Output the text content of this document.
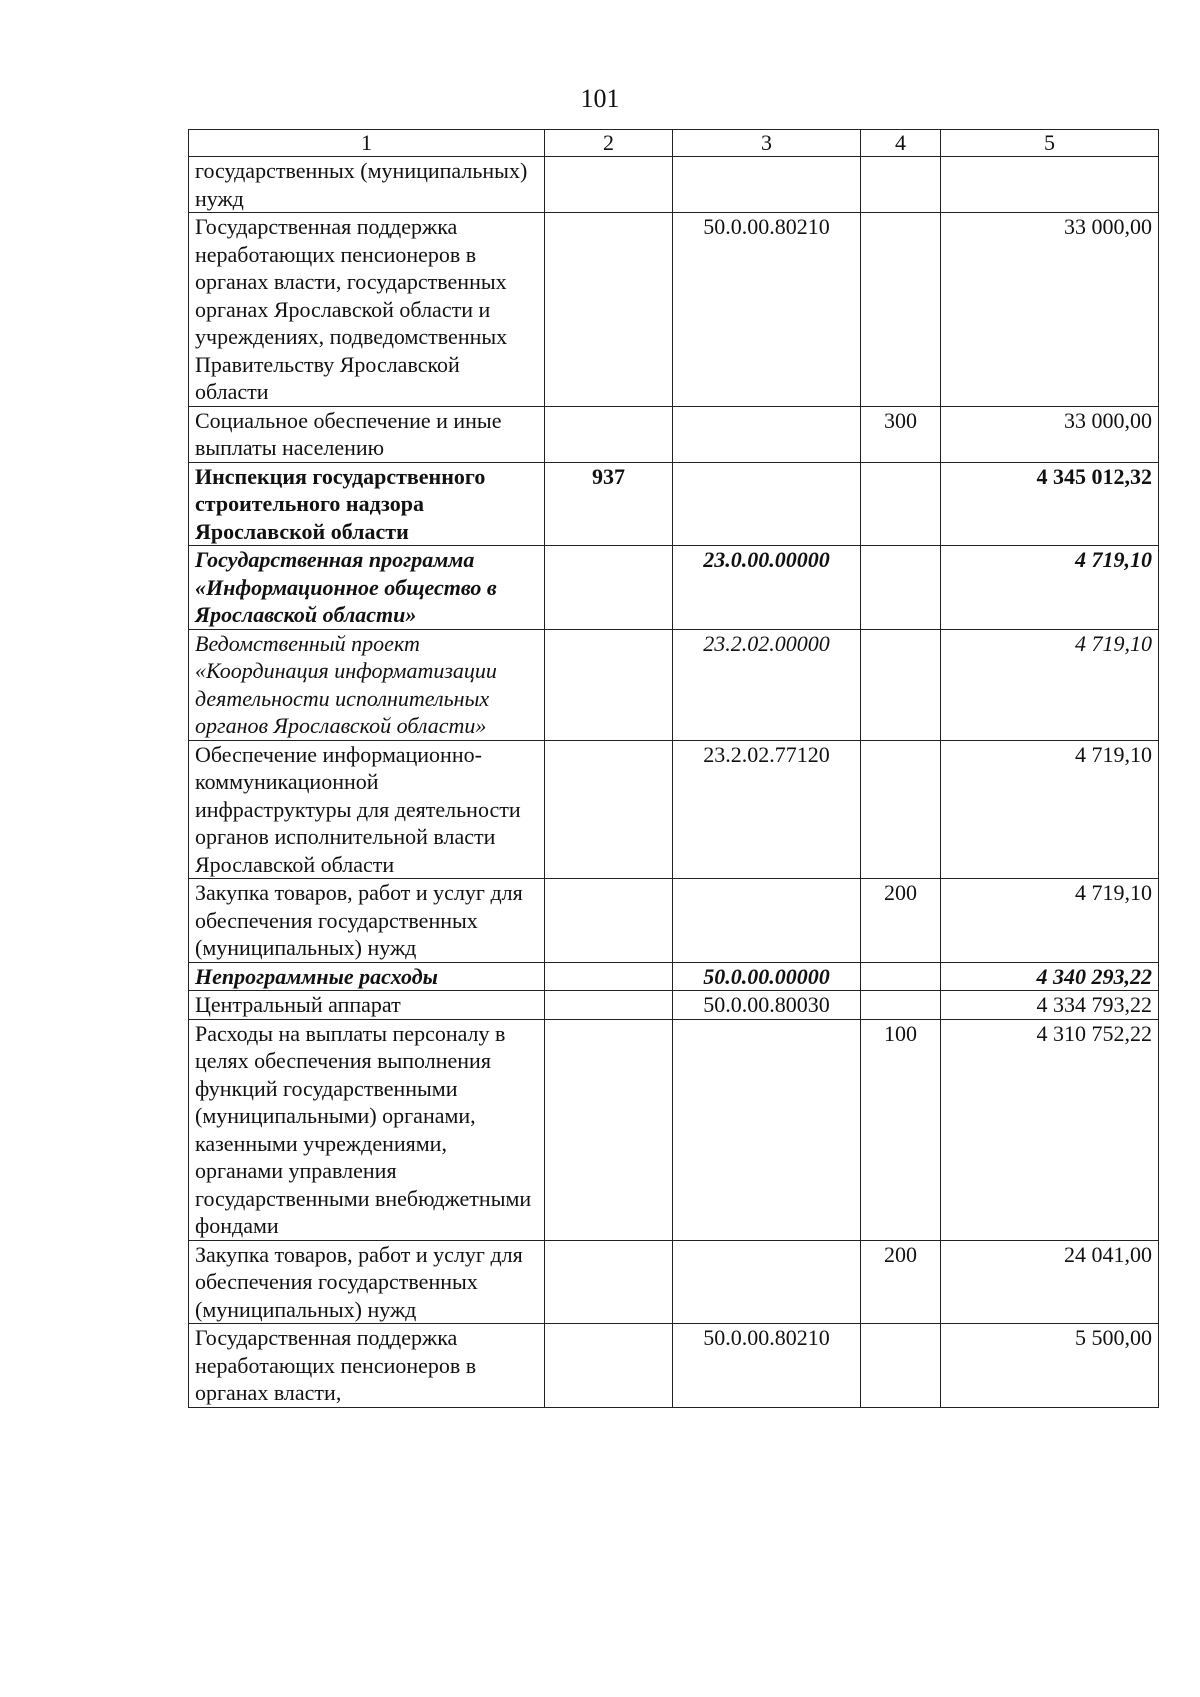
101
1	2	3	4	5
государственных (муниципальных) нужд				
Государственная поддержка неработающих пенсионеров в органах власти, государственных органах Ярославской области и учреждениях, подведомственных Правительству Ярославской области		50.0.00.80210		33 000,00
Социальное обеспечение и иные выплаты населению			300	33 000,00
Инспекция государственного строительного надзора Ярославской области	937			4 345 012,32
Государственная программа «Информационное общество в Ярославской области»		23.0.00.00000		4 719,10
Ведомственный проект «Координация информатизации деятельности исполнительных органов Ярославской области»		23.2.02.00000		4 719,10
Обеспечение информационно-коммуникационной инфраструктуры для деятельности органов исполнительной власти Ярославской области		23.2.02.77120		4 719,10
Закупка товаров, работ и услуг для обеспечения государственных (муниципальных) нужд			200	4 719,10
Непрограммные расходы		50.0.00.00000		4 340 293,22
Центральный аппарат		50.0.00.80030		4 334 793,22
Расходы на выплаты персоналу в целях обеспечения выполнения функций государственными (муниципальными) органами, казенными учреждениями, органами управления государственными внебюджетными фондами			100	4 310 752,22
Закупка товаров, работ и услуг для обеспечения государственных (муниципальных) нужд			200	24 041,00
Государственная поддержка неработающих пенсионеров в органах власти,		50.0.00.80210		5 500,00
